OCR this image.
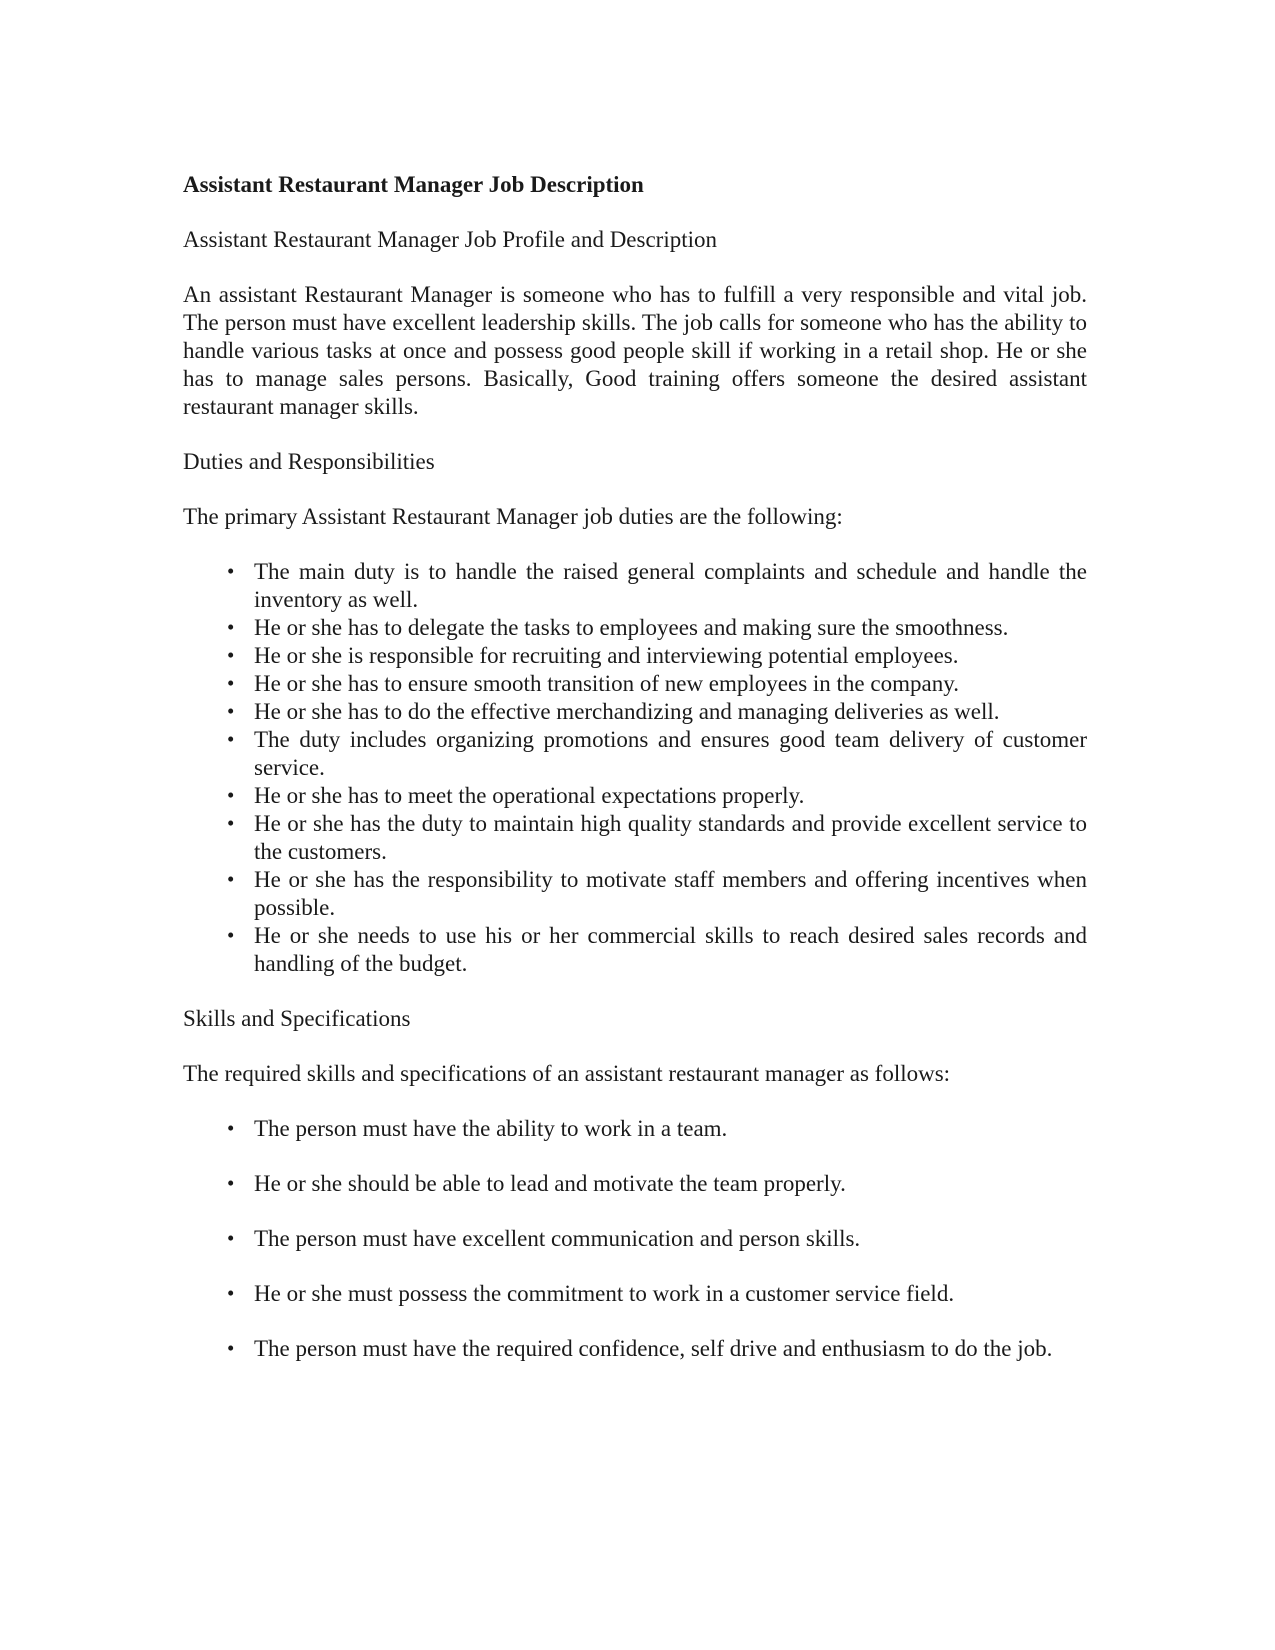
Assistant Restaurant Manager Job Description

Assistant Restaurant Manager Job Profile and Description

An assistant Restaurant Manager is someone who has to fulfill a very responsible and vital job. The person must have excellent leadership skills. The job calls for someone who has the ability to handle various tasks at once and possess good people skill if working in a retail shop. He or she has to manage sales persons. Basically, Good training offers someone the desired assistant restaurant manager skills.

Duties and Responsibilities

The primary Assistant Restaurant Manager job duties are the following:

• The main duty is to handle the raised general complaints and schedule and handle the inventory as well.
• He or she has to delegate the tasks to employees and making sure the smoothness.
• He or she is responsible for recruiting and interviewing potential employees.
• He or she has to ensure smooth transition of new employees in the company.
• He or she has to do the effective merchandizing and managing deliveries as well.
• The duty includes organizing promotions and ensures good team delivery of customer service.
• He or she has to meet the operational expectations properly.
• He or she has the duty to maintain high quality standards and provide excellent service to the customers.
• He or she has the responsibility to motivate staff members and offering incentives when possible.
• He or she needs to use his or her commercial skills to reach desired sales records and handling of the budget.

Skills and Specifications

The required skills and specifications of an assistant restaurant manager as follows:

• The person must have the ability to work in a team.
• He or she should be able to lead and motivate the team properly.
• The person must have excellent communication and person skills.
• He or she must possess the commitment to work in a customer service field.
• The person must have the required confidence, self drive and enthusiasm to do the job.
